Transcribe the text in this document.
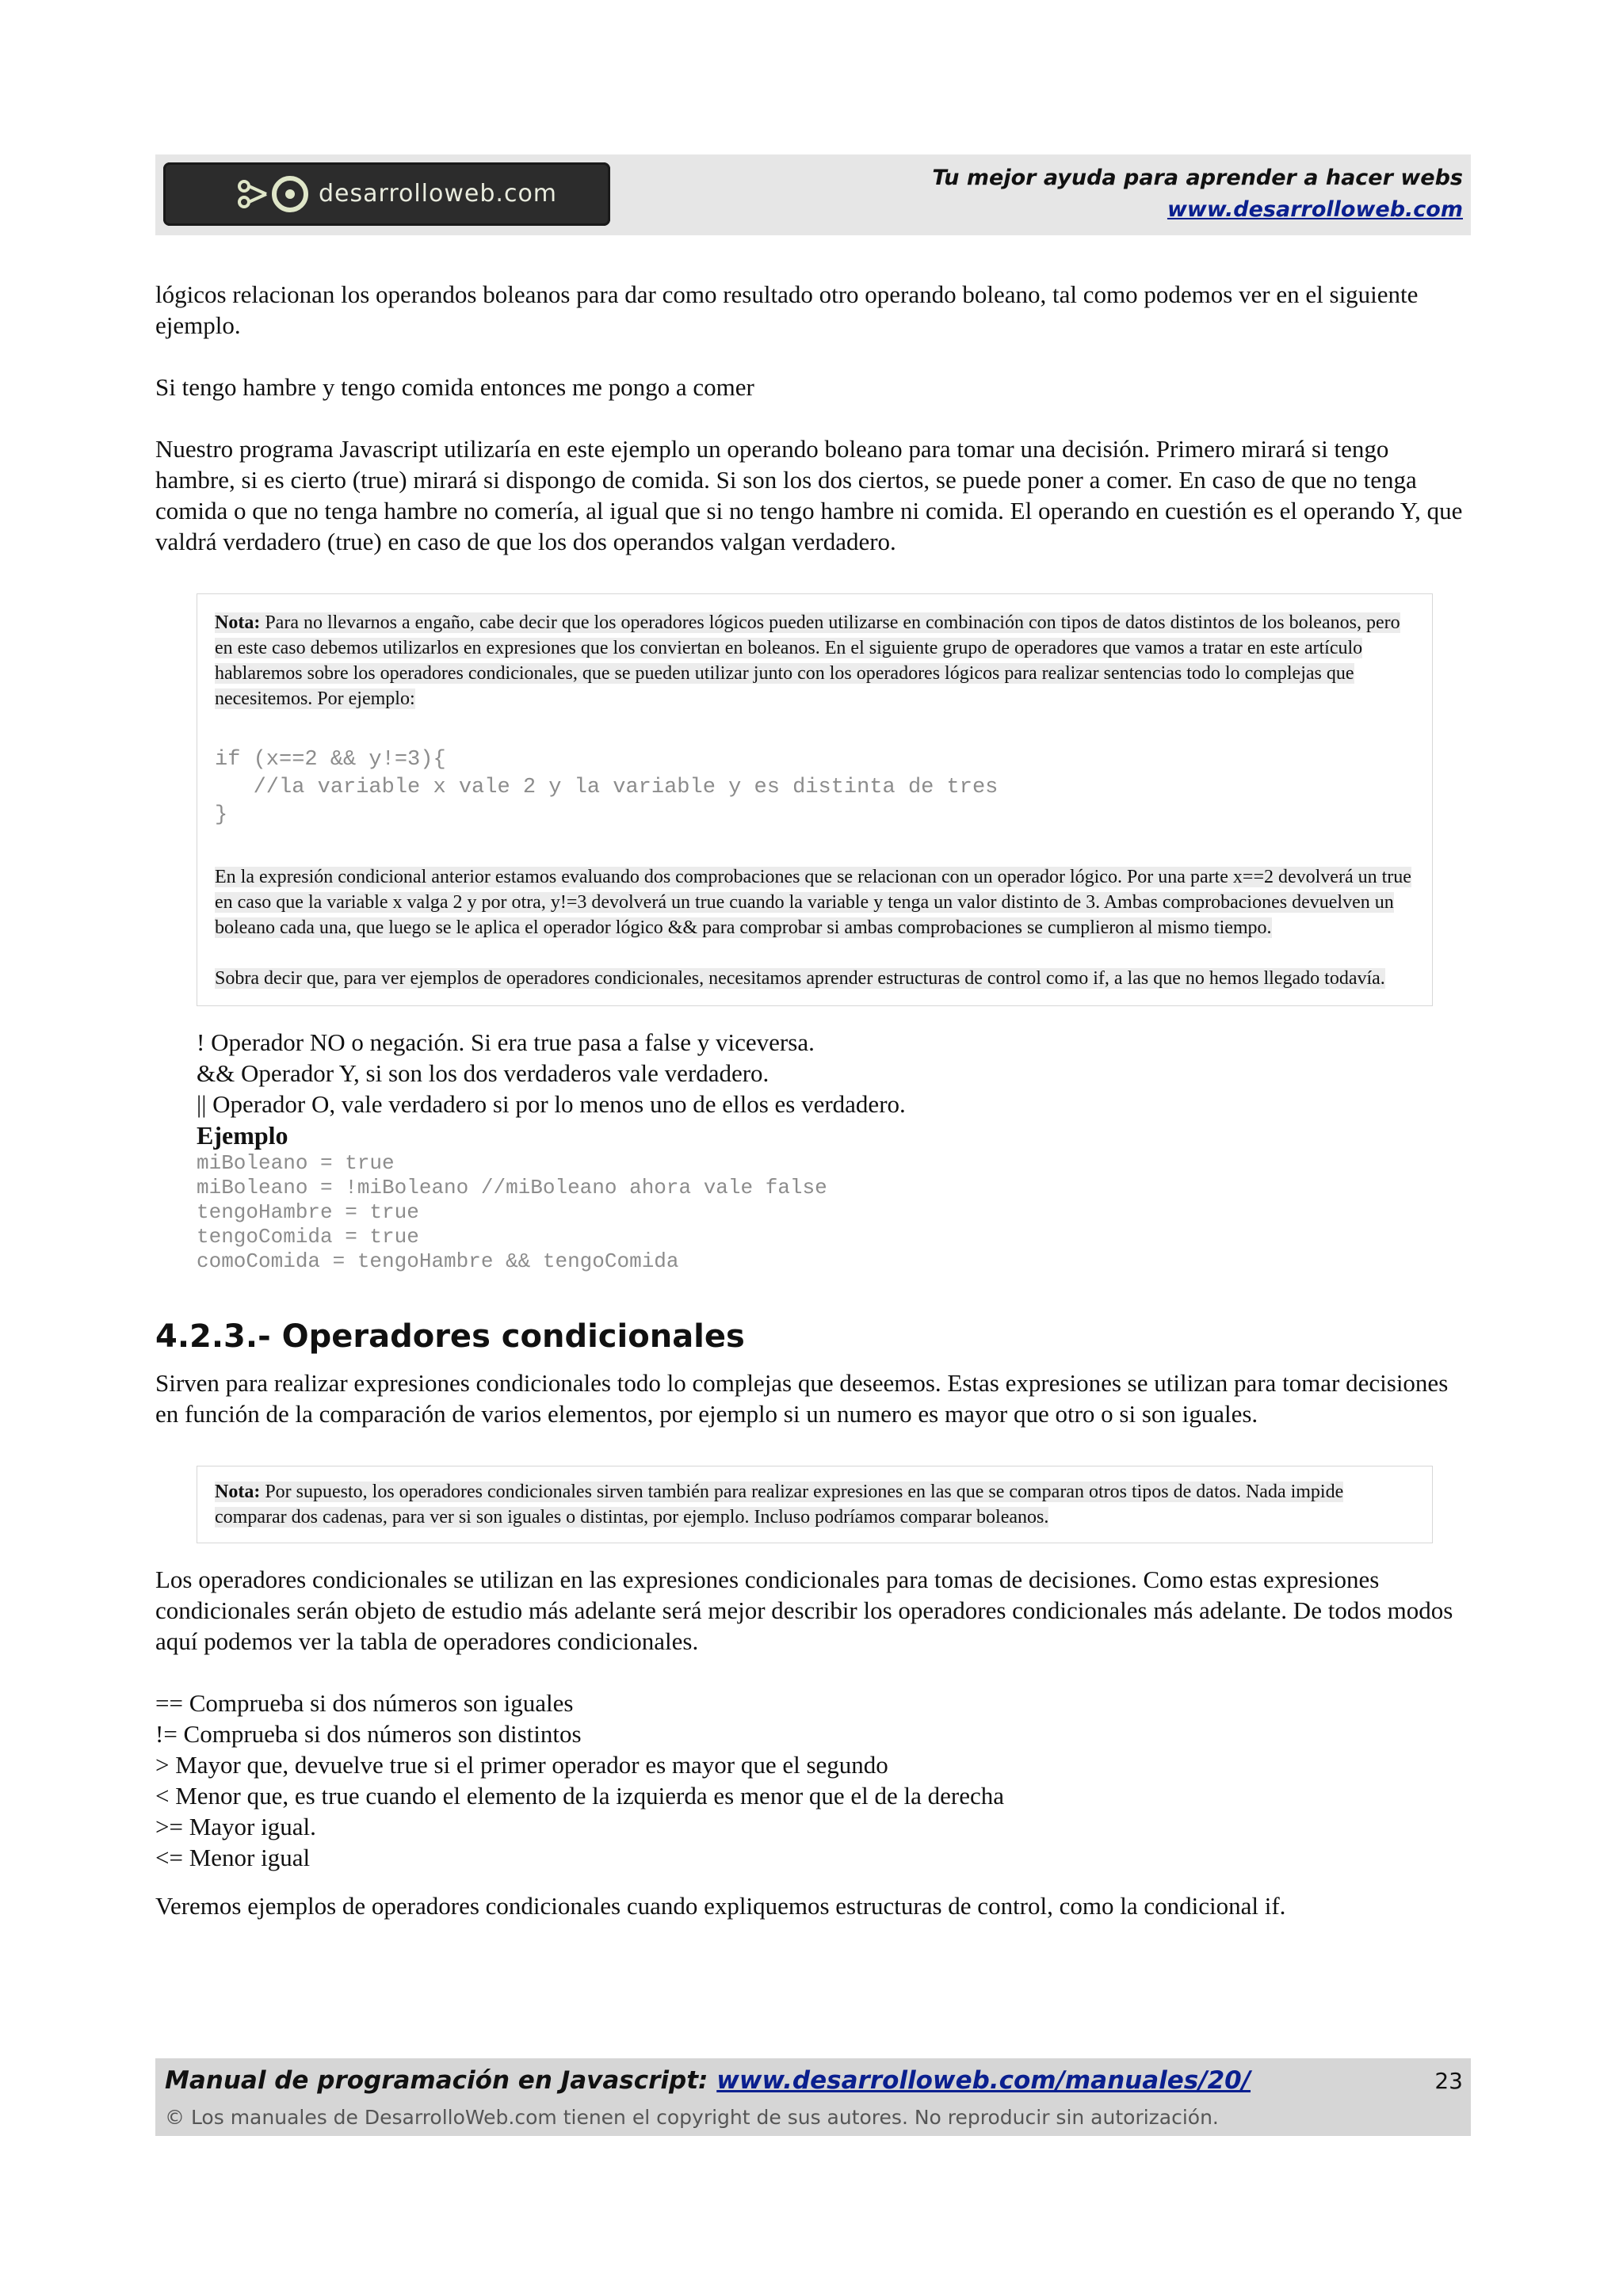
desarrolloweb.com
Tu mejor ayuda para aprender a hacer webs
www.desarrolloweb.com

lógicos relacionan los operandos boleanos para dar como resultado otro operando boleano, tal como podemos ver en el siguiente ejemplo.

Si tengo hambre y tengo comida entonces me pongo a comer

Nuestro programa Javascript utilizaría en este ejemplo un operando boleano para tomar una decisión. Primero mirará si tengo hambre, si es cierto (true) mirará si dispongo de comida. Si son los dos ciertos, se puede poner a comer. En caso de que no tenga comida o que no tenga hambre no comería, al igual que si no tengo hambre ni comida. El operando en cuestión es el operando Y, que valdrá verdadero (true) en caso de que los dos operandos valgan verdadero.

Nota: Para no llevarnos a engaño, cabe decir que los operadores lógicos pueden utilizarse en combinación con tipos de datos distintos de los boleanos, pero en este caso debemos utilizarlos en expresiones que los conviertan en boleanos. En el siguiente grupo de operadores que vamos a tratar en este artículo hablaremos sobre los operadores condicionales, que se pueden utilizar junto con los operadores lógicos para realizar sentencias todo lo complejas que necesitemos. Por ejemplo:

if (x==2 && y!=3){
//la variable x vale 2 y la variable y es distinta de tres
}

En la expresión condicional anterior estamos evaluando dos comprobaciones que se relacionan con un operador lógico. Por una parte x==2 devolverá un true en caso que la variable x valga 2 y por otra, y!=3 devolverá un true cuando la variable y tenga un valor distinto de 3. Ambas comprobaciones devuelven un boleano cada una, que luego se le aplica el operador lógico && para comprobar si ambas comprobaciones se cumplieron al mismo tiempo.

Sobra decir que, para ver ejemplos de operadores condicionales, necesitamos aprender estructuras de control como if, a las que no hemos llegado todavía.

! Operador NO o negación. Si era true pasa a false y viceversa.
&& Operador Y, si son los dos verdaderos vale verdadero.
|| Operador O, vale verdadero si por lo menos uno de ellos es verdadero.
Ejemplo
miBoleano = true
miBoleano = !miBoleano //miBoleano ahora vale false
tengoHambre = true
tengoComida = true
comoComida = tengoHambre && tengoComida
4.2.3.- Operadores condicionales

Sirven para realizar expresiones condicionales todo lo complejas que deseemos. Estas expresiones se utilizan para tomar decisiones en función de la comparación de varios elementos, por ejemplo si un numero es mayor que otro o si son iguales.

Nota: Por supuesto, los operadores condicionales sirven también para realizar expresiones en las que se comparan otros tipos de datos. Nada impide comparar dos cadenas, para ver si son iguales o distintas, por ejemplo. Incluso podríamos comparar boleanos.

Los operadores condicionales se utilizan en las expresiones condicionales para tomas de decisiones. Como estas expresiones condicionales serán objeto de estudio más adelante será mejor describir los operadores condicionales más adelante. De todos modos aquí podemos ver la tabla de operadores condicionales.

== Comprueba si dos números son iguales
!= Comprueba si dos números son distintos
> Mayor que, devuelve true si el primer operador es mayor que el segundo
< Menor que, es true cuando el elemento de la izquierda es menor que el de la derecha
>= Mayor igual.
<= Menor igual

Veremos ejemplos de operadores condicionales cuando expliquemos estructuras de control, como la condicional if.

Manual de programación en Javascript: www.desarrolloweb.com/manuales/20/
© Los manuales de DesarrolloWeb.com tienen el copyright de sus autores. No reproducir sin autorización.
23
